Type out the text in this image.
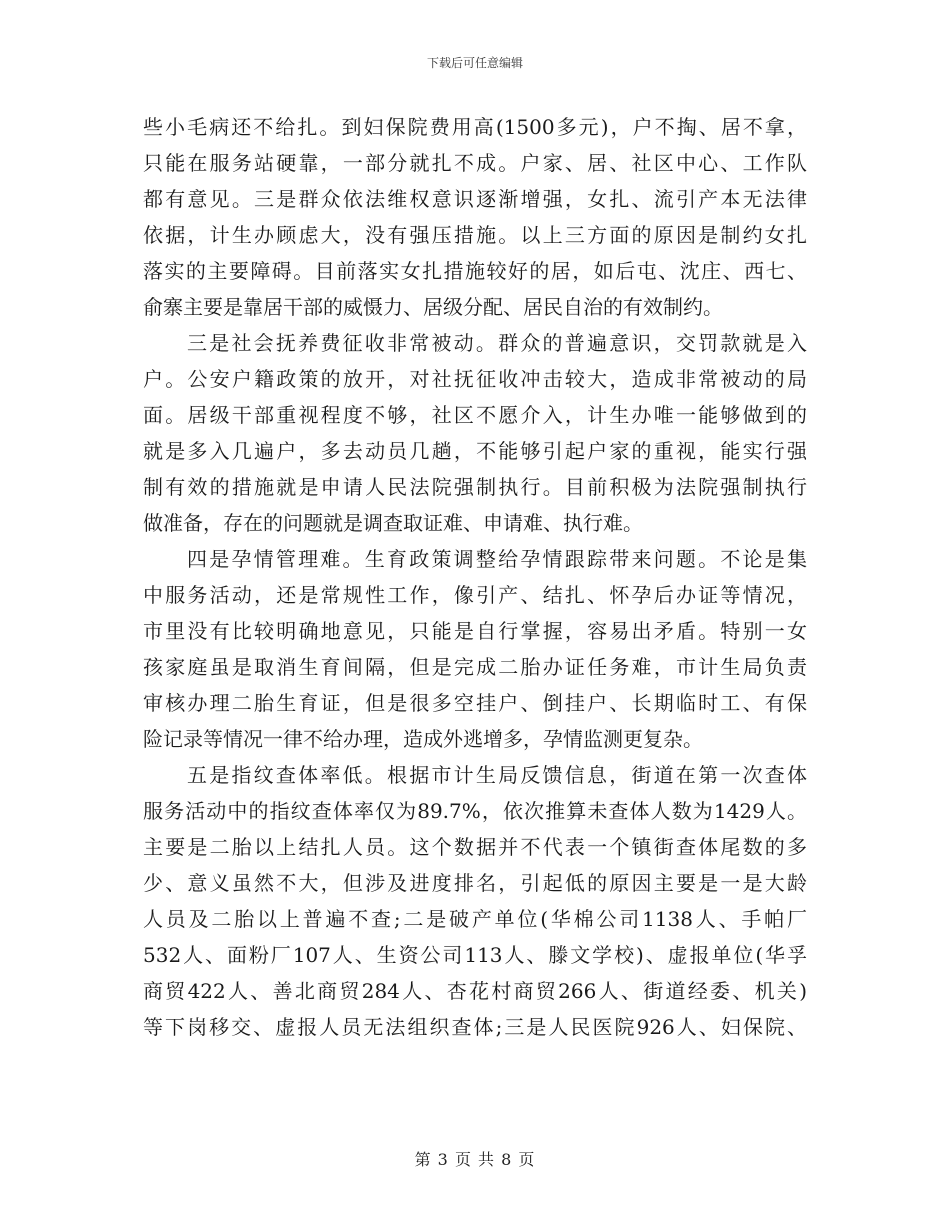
下载后可任意编辑
些小毛病还不给扎。到妇保院费用高(1500多元)，户不掏、居不拿，
只能在服务站硬靠，一部分就扎不成。户家、居、社区中心、工作队
都有意见。三是群众依法维权意识逐渐增强，女扎、流引产本无法律
依据，计生办顾虑大，没有强压措施。以上三方面的原因是制约女扎
落实的主要障碍。目前落实女扎措施较好的居，如后屯、沈庄、西七、
俞寨主要是靠居干部的威慑力、居级分配、居民自治的有效制约。
三是社会抚养费征收非常被动。群众的普遍意识，交罚款就是入
户。公安户籍政策的放开，对社抚征收冲击较大，造成非常被动的局
面。居级干部重视程度不够，社区不愿介入，计生办唯一能够做到的
就是多入几遍户，多去动员几趟，不能够引起户家的重视，能实行强
制有效的措施就是申请人民法院强制执行。目前积极为法院强制执行
做准备，存在的问题就是调查取证难、申请难、执行难。
四是孕情管理难。生育政策调整给孕情跟踪带来问题。不论是集
中服务活动，还是常规性工作，像引产、结扎、怀孕后办证等情况，
市里没有比较明确地意见，只能是自行掌握，容易出矛盾。特别一女
孩家庭虽是取消生育间隔，但是完成二胎办证任务难，市计生局负责
审核办理二胎生育证，但是很多空挂户、倒挂户、长期临时工、有保
险记录等情况一律不给办理，造成外逃增多，孕情监测更复杂。
五是指纹查体率低。根据市计生局反馈信息，街道在第一次查体
服务活动中的指纹查体率仅为89.7%，依次推算未查体人数为1429人。
主要是二胎以上结扎人员。这个数据并不代表一个镇街查体尾数的多
少、意义虽然不大，但涉及进度排名，引起低的原因主要是一是大龄
人员及二胎以上普遍不查;二是破产单位(华棉公司1138人、手帕厂
532人、面粉厂107人、生资公司113人、滕文学校)、虚报单位(华孚
商贸422人、善北商贸284人、杏花村商贸266人、街道经委、机关)
等下岗移交、虚报人员无法组织查体;三是人民医院926人、妇保院、
第 3 页 共 8 页
